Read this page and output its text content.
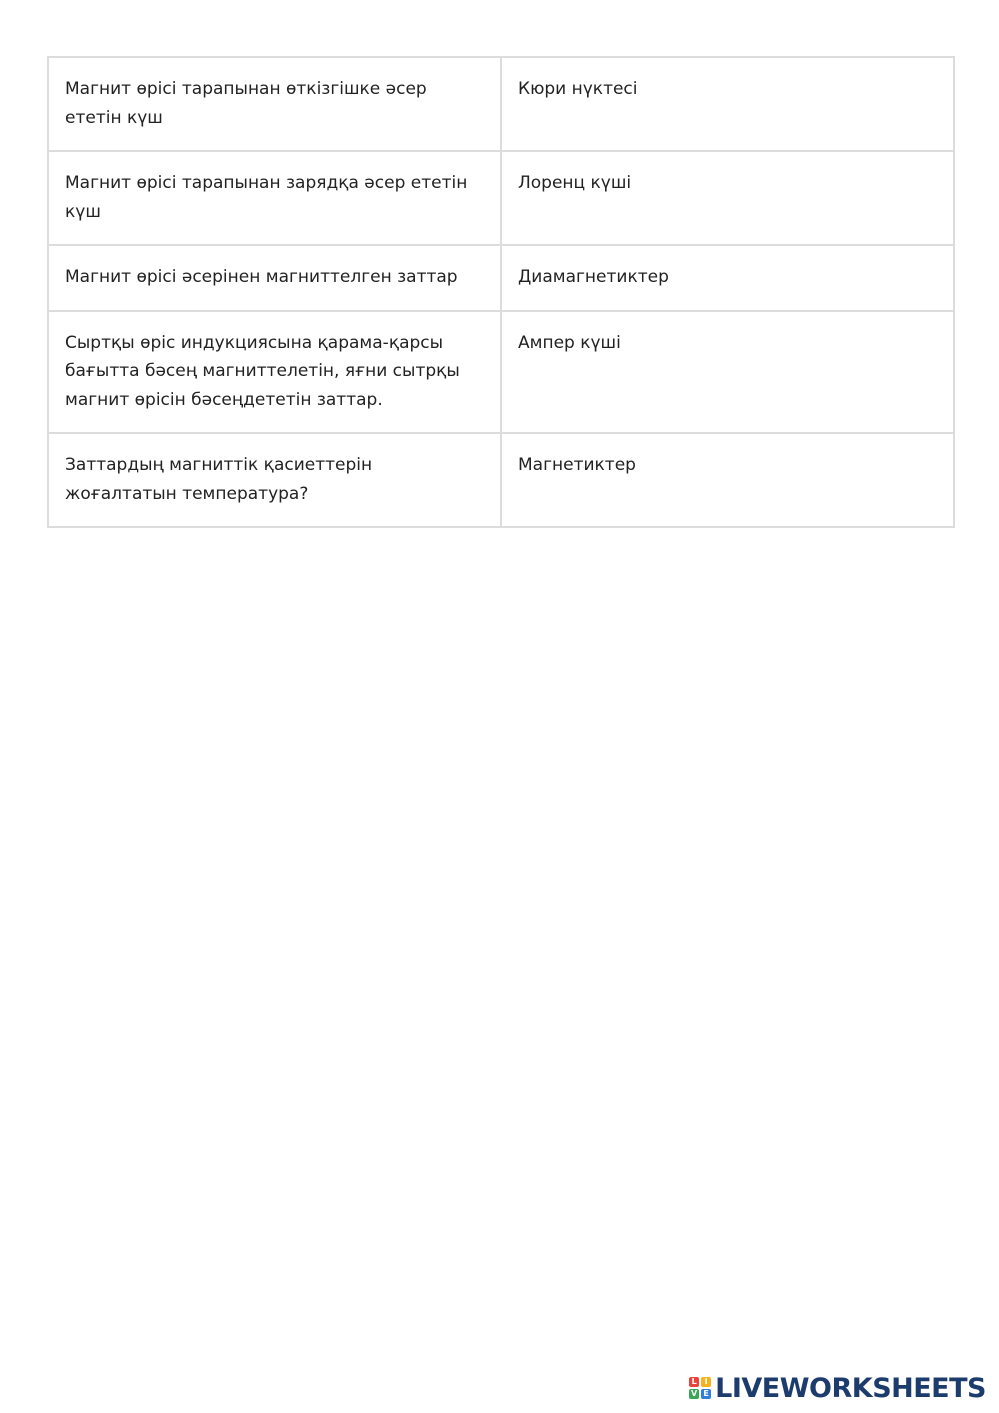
Магнит өрісі тарапынан өткізгішке әсер ететін күш	Кюри нүктесі
Магнит өрісі тарапынан зарядқа әсер ететін күш	Лоренц күші
Магнит өрісі әсерінен магниттелген заттар	Диамагнетиктер
Сыртқы өріс индукциясына қарама-қарсы бағытта бәсең магниттелетін, яғни сытрқы магнит өрісін бәсеңдететін заттар.	Ампер күші
Заттардың магниттік қасиеттерін жоғалтатын температура?	Магнетиктер
L I
V E LIVEWORKSHEETS
